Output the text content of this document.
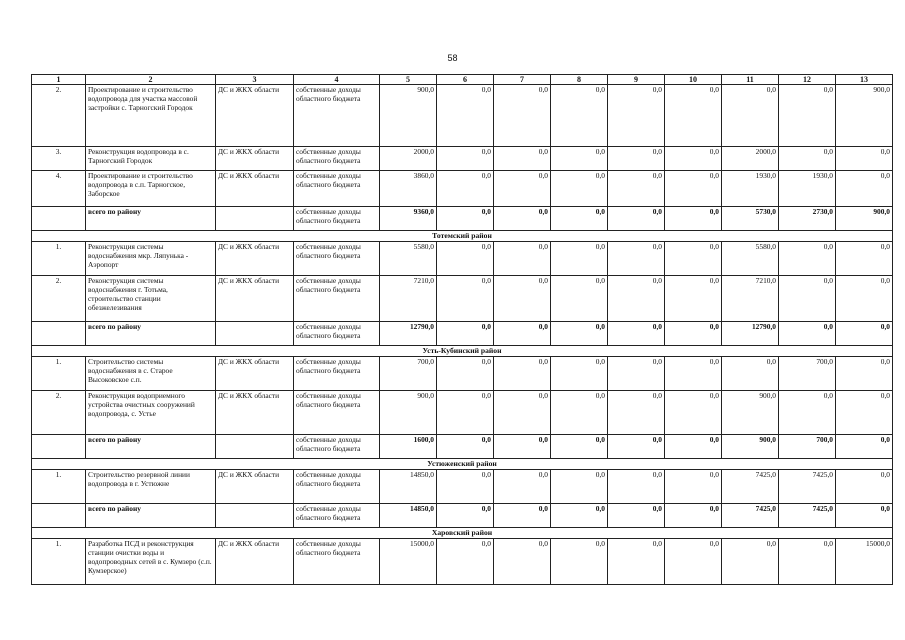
58
1	2	3	4	5	6	7	8	9	10	11	12	13
2.	Проектирование и строительство водопровода для участка массовой застройки с. Тарногский Городок	ДС и ЖКХ области	собственные доходы областного бюджета	900,0	0,0	0,0	0,0	0,0	0,0	0,0	0,0	900,0
3.	Реконструкция водопровода в с. Тарногский Городок	ДС и ЖКХ области	собственные доходы областного бюджета	2000,0	0,0	0,0	0,0	0,0	0,0	2000,0	0,0	0,0
4.	Проектирование и строительство водопровода в с.п. Тарногское, Заборское	ДС и ЖКХ области	собственные доходы областного бюджета	3860,0	0,0	0,0	0,0	0,0	0,0	1930,0	1930,0	0,0
	всего по району		собственные доходы областного бюджета	9360,0	0,0	0,0	0,0	0,0	0,0	5730,0	2730,0	900,0
Тотемский район												
1.	Реконструкция системы водоснабжения мкр. Ляпунька - Аэропорт	ДС и ЖКХ области	собственные доходы областного бюджета	5580,0	0,0	0,0	0,0	0,0	0,0	5580,0	0,0	0,0
2.	Реконструкция системы водоснабжения г. Тотьма, строительство станции обезжелезивания	ДС и ЖКХ области	собственные доходы областного бюджета	7210,0	0,0	0,0	0,0	0,0	0,0	7210,0	0,0	0,0
	всего по району		собственные доходы областного бюджета	12790,0	0,0	0,0	0,0	0,0	0,0	12790,0	0,0	0,0
Усть-Кубинский район												
1.	Строительство системы водоснабжения в с. Старое Высоковское с.п.	ДС и ЖКХ области	собственные доходы областного бюджета	700,0	0,0	0,0	0,0	0,0	0,0	0,0	700,0	0,0
2.	Реконструкция водоприемного устройства очистных сооружений водопровода, с. Устье	ДС и ЖКХ области	собственные доходы областного бюджета	900,0	0,0	0,0	0,0	0,0	0,0	900,0	0,0	0,0
	всего по району		собственные доходы областного бюджета	1600,0	0,0	0,0	0,0	0,0	0,0	900,0	700,0	0,0
Устюженский район												
1.	Строительство резервной линии водопровода в г. Устюжне	ДС и ЖКХ области	собственные доходы областного бюджета	14850,0	0,0	0,0	0,0	0,0	0,0	7425,0	7425,0	0,0
	всего по району		собственные доходы областного бюджета	14850,0	0,0	0,0	0,0	0,0	0,0	7425,0	7425,0	0,0
Харовский район												
1.	Разработка ПСД и реконструкция станции очистки воды и водопроводных сетей в с. Кумзеро (с.п. Кумзерское)	ДС и ЖКХ области	собственные доходы областного бюджета	15000,0	0,0	0,0	0,0	0,0	0,0	0,0	0,0	15000,0
